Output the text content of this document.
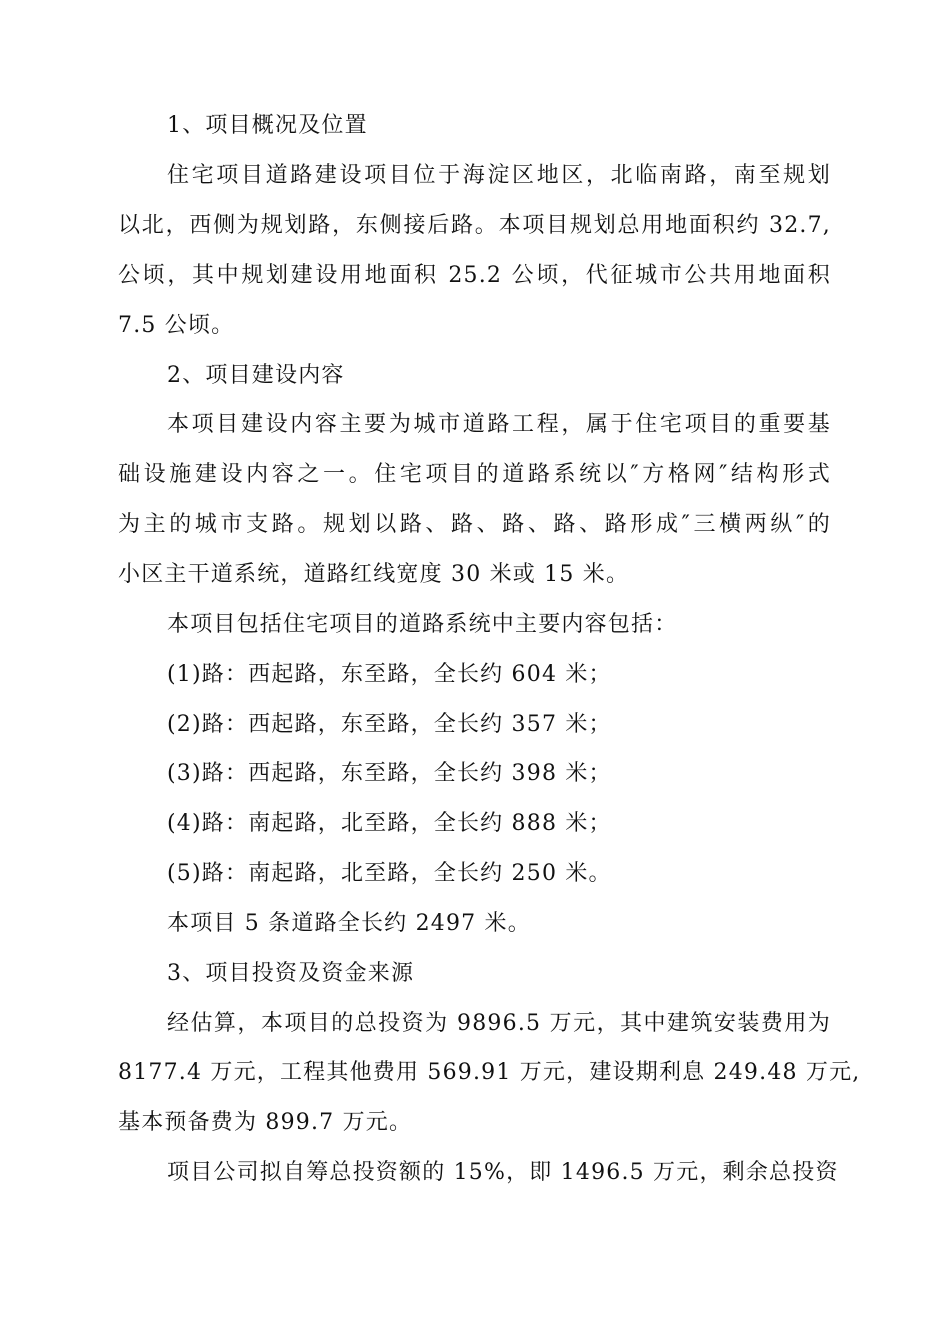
1、项目概况及位置

住宅项目道路建设项目位于海淀区地区，北临南路，南至规划

以北，西侧为规划路，东侧接后路。本项目规划总用地面积约 32.7,

公顷，其中规划建设用地面积 25.2 公顷，代征城市公共用地面积

7.5 公顷。

2、项目建设内容

本项目建设内容主要为城市道路工程，属于住宅项目的重要基

础设施建设内容之一。住宅项目的道路系统以″方格网″结构形式

为主的城市支路。规划以路、路、路、路、路形成″三横两纵″的

小区主干道系统，道路红线宽度 30 米或 15 米。

本项目包括住宅项目的道路系统中主要内容包括：

(1)路：西起路，东至路，全长约 604 米；

(2)路：西起路，东至路，全长约 357 米；

(3)路：西起路，东至路，全长约 398 米；

(4)路：南起路，北至路，全长约 888 米；

(5)路：南起路，北至路，全长约 250 米。

本项目 5 条道路全长约 2497 米。

3、项目投资及资金来源

经估算，本项目的总投资为 9896.5 万元，其中建筑安装费用为

8177.4 万元，工程其他费用 569.91 万元，建设期利息 249.48 万元,

基本预备费为 899.7 万元。

项目公司拟自筹总投资额的 15%，即 1496.5 万元，剩余总投资
